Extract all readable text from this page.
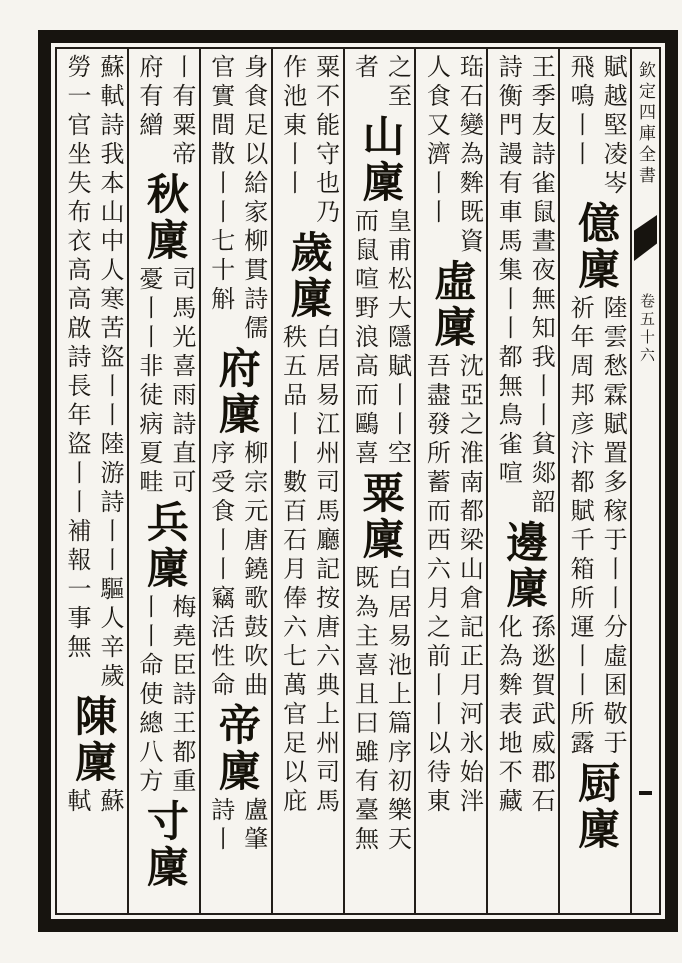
欽定四庫全書
卷五十六
賦越堅凌岑
飛鳴丨丨
億廩
陸雲愁霖賦置多稼于丨丨分虛囷敬于
祈年周邦彦汴都賦千箱所運丨丨所露
厨廩
王季友詩雀鼠晝夜無知我丨丨貧郯韶
詩衡門謾有車馬集丨丨都無鳥雀喧
邊廩
孫逖賀武威郡石
化為麰表地不藏
珤石變為麰既資
人食又濟丨丨
虛廩
沈亞之淮南都梁山倉記正月河氷始泮
吾盡發所蓄而西六月之前丨丨以待東
之至
者
山廩
皇甫松大隱賦丨丨空
而鼠喧野浪高而鷗喜
粟廩
白居易池上篇序初樂天
既為主喜且曰雖有臺無
粟不能守也乃
作池東丨丨
歲廩
白居易江州司馬廳記按唐六典上州司馬
秩五品丨丨數百石月俸六七萬官足以庇
身食足以給家柳貫詩儒
官實間散丨丨七十斛
府廩
柳宗元唐鐃歌鼓吹曲
序受食丨丨竊活性命
帝廩
盧肇
詩丨
丨有粟帝
府有繒
秋廩
司馬光喜雨詩直可
憂丨丨非徒病夏畦
兵廩
梅堯臣詩王都重
丨丨命使總八方
寸廩
蘇軾詩我本山中人寒苦盜丨丨陸游詩丨丨驅人辛歲
勞一官坐失布衣高高啟詩長年盜丨丨補報一事無
陳廩
蘇
軾
